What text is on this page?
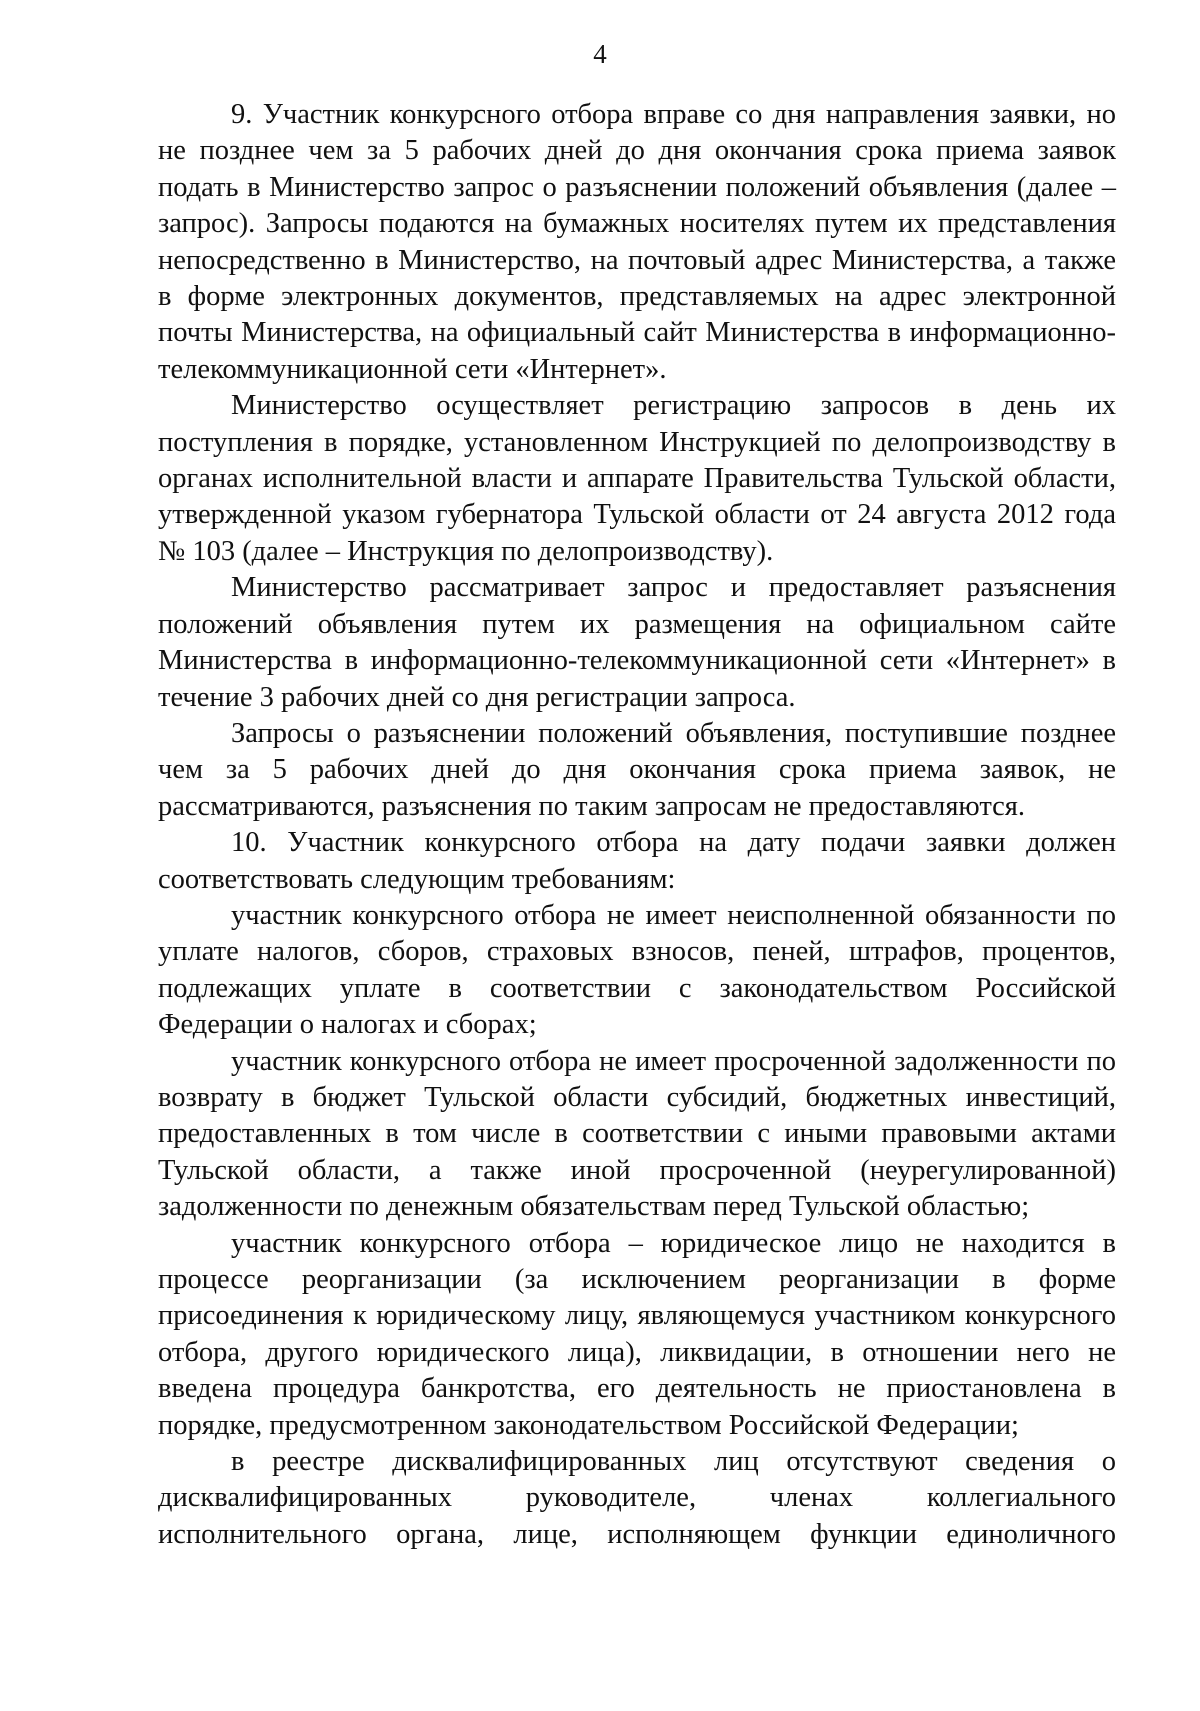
4

9. Участник конкурсного отбора вправе со дня направления заявки, но не позднее чем за 5 рабочих дней до дня окончания срока приема заявок подать в Министерство запрос о разъяснении положений объявления (далее – запрос). Запросы подаются на бумажных носителях путем их представления непосредственно в Министерство, на почтовый адрес Министерства, а также в форме электронных документов, представляемых на адрес электронной почты Министерства, на официальный сайт Министерства в информационно-телекоммуникационной сети «Интернет».

Министерство осуществляет регистрацию запросов в день их поступления в порядке, установленном Инструкцией по делопроизводству в органах исполнительной власти и аппарате Правительства Тульской области, утвержденной указом губернатора Тульской области от 24 августа 2012 года № 103 (далее – Инструкция по делопроизводству).

Министерство рассматривает запрос и предоставляет разъяснения положений объявления путем их размещения на официальном сайте Министерства в информационно-телекоммуникационной сети «Интернет» в течение 3 рабочих дней со дня регистрации запроса.

Запросы о разъяснении положений объявления, поступившие позднее чем за 5 рабочих дней до дня окончания срока приема заявок, не рассматриваются, разъяснения по таким запросам не предоставляются.

10. Участник конкурсного отбора на дату подачи заявки должен соответствовать следующим требованиям:

участник конкурсного отбора не имеет неисполненной обязанности по уплате налогов, сборов, страховых взносов, пеней, штрафов, процентов, подлежащих уплате в соответствии с законодательством Российской Федерации о налогах и сборах;

участник конкурсного отбора не имеет просроченной задолженности по возврату в бюджет Тульской области субсидий, бюджетных инвестиций, предоставленных в том числе в соответствии с иными правовыми актами Тульской области, а также иной просроченной (неурегулированной) задолженности по денежным обязательствам перед Тульской областью;

участник конкурсного отбора – юридическое лицо не находится в процессе реорганизации (за исключением реорганизации в форме присоединения к юридическому лицу, являющемуся участником конкурсного отбора, другого юридического лица), ликвидации, в отношении него не введена процедура банкротства, его деятельность не приостановлена в порядке, предусмотренном законодательством Российской Федерации;

в реестре дисквалифицированных лиц отсутствуют сведения о дисквалифицированных руководителе, членах коллегиального исполнительного органа, лице, исполняющем функции единоличного
